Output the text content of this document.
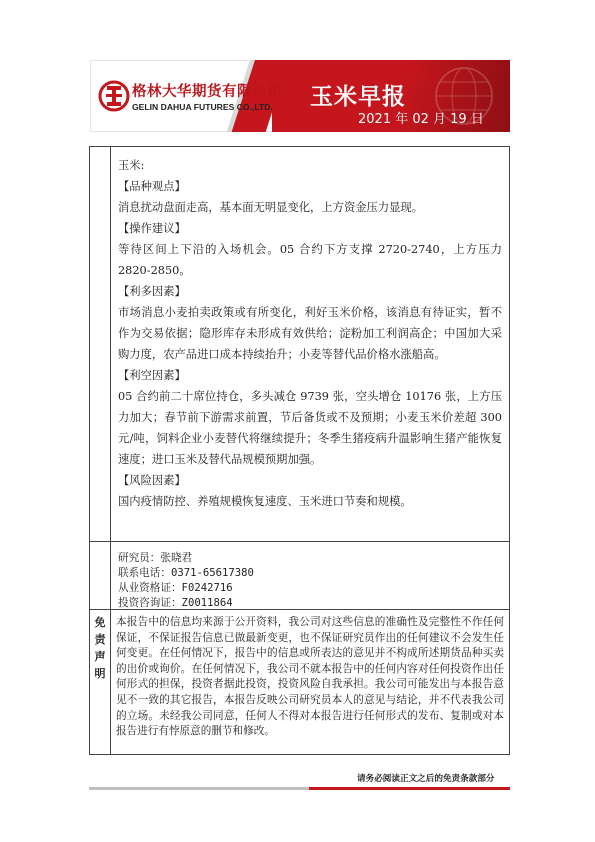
格林大华期货有限公司
GELIN DAHUA FUTURES CO.,LTD. 玉米早报
2021 年 02 月 19 日

玉米:

【品种观点】

消息扰动盘面走高，基本面无明显变化，上方资金压力显现。

【操作建议】

等待区间上下沿的入场机会。05 合约下方支撑 2720-2740，上方压力 2820-2850。

【利多因素】

市场消息小麦拍卖政策或有所变化，利好玉米价格，该消息有待证实，暂不作为交易依据；隐形库存未形成有效供给；淀粉加工利润高企；中国加大采购力度，农产品进口成本持续抬升；小麦等替代品价格水涨船高。

【利空因素】

05 合约前二十席位持仓，多头减仓 9739 张，空头增仓 10176 张，上方压力加大；春节前下游需求前置，节后备货或不及预期；小麦玉米价差超 300 元/吨，饲料企业小麦替代将继续提升；冬季生猪疫病升温影响生猪产能恢复速度；进口玉米及替代品规模预期加强。

【风险因素】

国内疫情防控、养殖规模恢复速度、玉米进口节奏和规模。

研究员：张晓君
联系电话：0371-65617380
从业资格证：F0242716
投资咨询证：Z0011864
免
责
声
明
本报告中的信息均来源于公开资料，我公司对这些信息的准确性及完整性不作任何保证，不保证报告信息已做最新变更，也不保证研究员作出的任何建议不会发生任何变更。在任何情况下，报告中的信息或所表达的意见并不构成所述期货品种买卖的出价或询价。在任何情况下，我公司不就本报告中的任何内容对任何投资作出任何形式的担保，投资者据此投资，投资风险自我承担。我公司可能发出与本报告意见不一致的其它报告，本报告反映公司研究员本人的意见与结论，并不代表我公司的立场。未经我公司同意，任何人不得对本报告进行任何形式的发布、复制或对本报告进行有悖原意的删节和修改。
请务必阅读正文之后的免责条款部分
